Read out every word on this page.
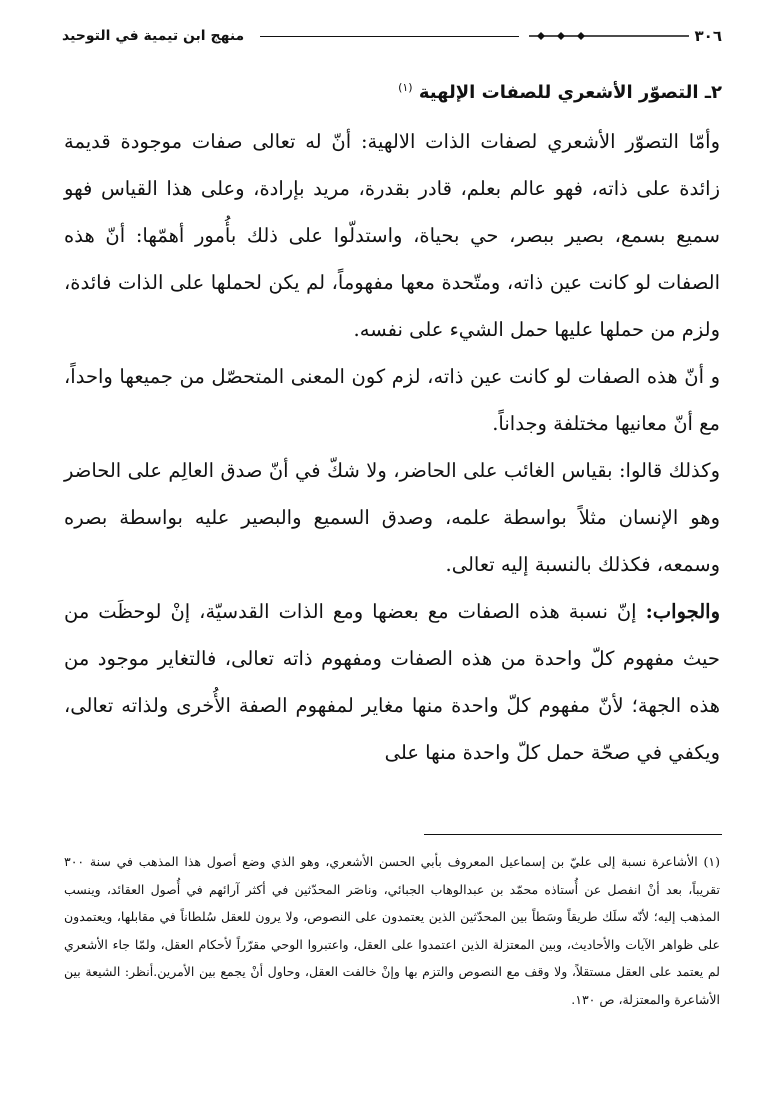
٣٠٦
منهج ابن تيمية في التوحيد
٢ـ التصوّر الأشعري للصفات الإلهية $^{(١)}$

وأمّا التصوّر الأشعري لصفات الذات الالهية: أنّ له تعالى صفات موجودة قديمة زائدة على ذاته، فهو عالم بعلم، قادر بقدرة، مريد بإرادة، وعلى هذا القياس فهو سميع بسمع، بصير ببصر، حي بحياة، واستدلّوا على ذلك بأُمور أهمّها: أنّ هذه الصفات لو كانت عين ذاته، ومتّحدة معها مفهوماً، لم يكن لحملها على الذات فائدة، ولزم من حملها عليها حمل الشيء على نفسه.

و أنّ هذه الصفات لو كانت عين ذاته، لزم كون المعنى المتحصّل من جميعها واحداً، مع أنّ معانيها مختلفة وجداناً.

وكذلك قالوا: بقياس الغائب على الحاضر، ولا شكّ في أنّ صدق العالِم على الحاضر وهو الإنسان مثلاً بواسطة علمه، وصدق السميع والبصير عليه بواسطة بصره وسمعه، فكذلك بالنسبة إليه تعالى.

والجواب: إنّ نسبة هذه الصفات مع بعضها ومع الذات القدسيّة، إنْ لوحظَت من حيث مفهوم كلّ واحدة من هذه الصفات ومفهوم ذاته تعالى، فالتغاير موجود من هذه الجهة؛ لأنّ مفهوم كلّ واحدة منها مغاير لمفهوم الصفة الأُخرى ولذاته تعالى، ويكفي في صحّة حمل كلّ واحدة منها على

(١) الأشاعرة نسبة إلى عليّ بن إسماعيل المعروف بأبي الحسن الأشعري، وهو الذي وضع أصول هذا المذهب في سنة ٣٠٠ تقريباً، بعد أنْ انفصل عن أُستاذه محمّد بن عبدالوهاب الجبائي، وناصَر المحدّثين في أكثر آرائهم في أُصول العقائد، وينسب المذهب إليه؛ لأنّه سلَك طريقاً وسَطاً بين المحدّثين الذين يعتمدون على النصوص، ولا يرون للعقل سُلطاناً في مقابلها، ويعتمدون على ظواهر الآيات والأحاديث، وبين المعتزلة الذين اعتمدوا على العقل، واعتبروا الوحي مقرّراً لأحكام العقل، ولمّا جاء الأشعري لم يعتمد على العقل مستقلاً، ولا وقف مع النصوص والتزم بها وإنْ خالفت العقل، وحاول أنْ يجمع بين الأمرين.أنظر: الشيعة بين الأشاعرة والمعتزلة، ص ١٣٠.
